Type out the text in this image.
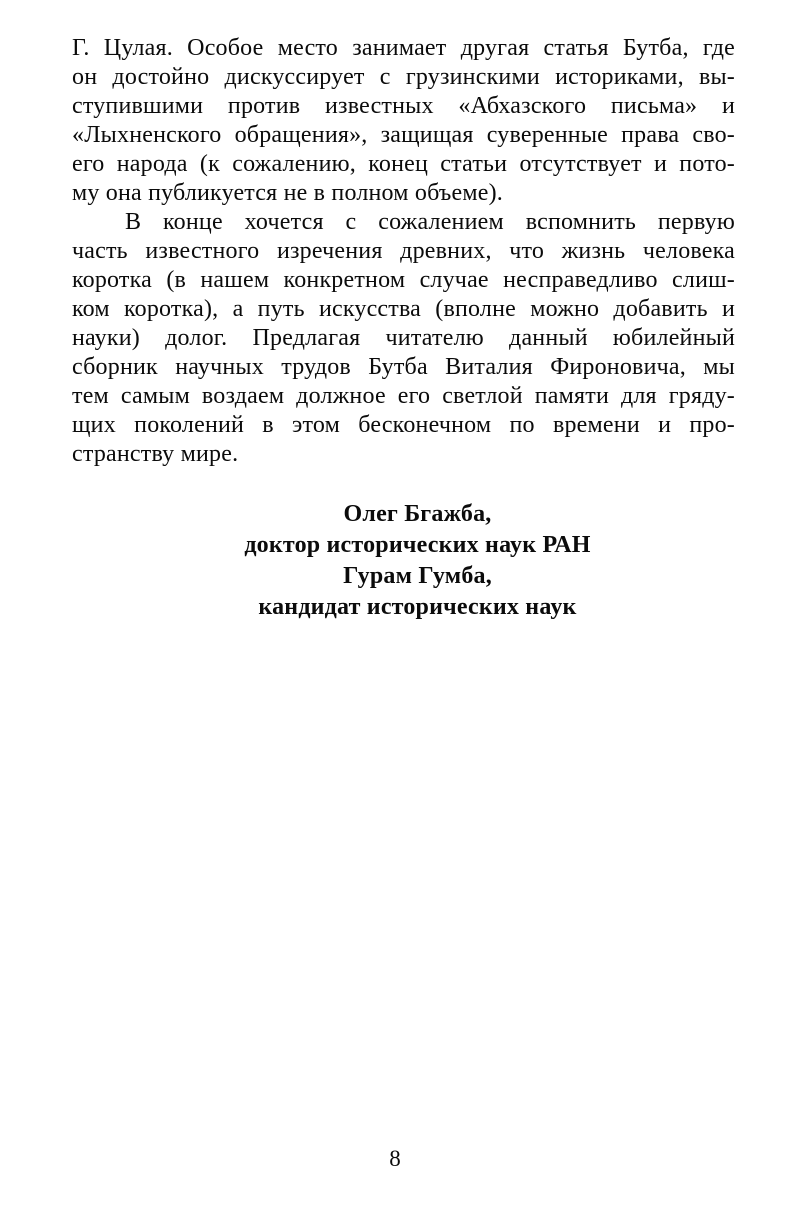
Г. Цулая. Особое место занимает другая статья Бутба, где
он достойно дискуссирует с грузинскими историками, вы-
ступившими против известных «Абхазского письма» и
«Лыхненского обращения», защищая суверенные права сво-
его народа (к сожалению, конец статьи отсутствует и пото-
му она публикуется не в полном объеме).
В конце хочется с сожалением вспомнить первую
часть известного изречения древних, что жизнь человека
коротка (в нашем конкретном случае несправедливо слиш-
ком коротка), а путь искусства (вполне можно добавить и
науки) долог. Предлагая читателю данный юбилейный
сборник научных трудов Бутба Виталия Фироновича, мы
тем самым воздаем должное его светлой памяти для гряду-
щих поколений в этом бесконечном по времени и про-
странству мире.
Олег Бгажба,
доктор исторических наук РАН
Гурам Гумба,
кандидат исторических наук
8
